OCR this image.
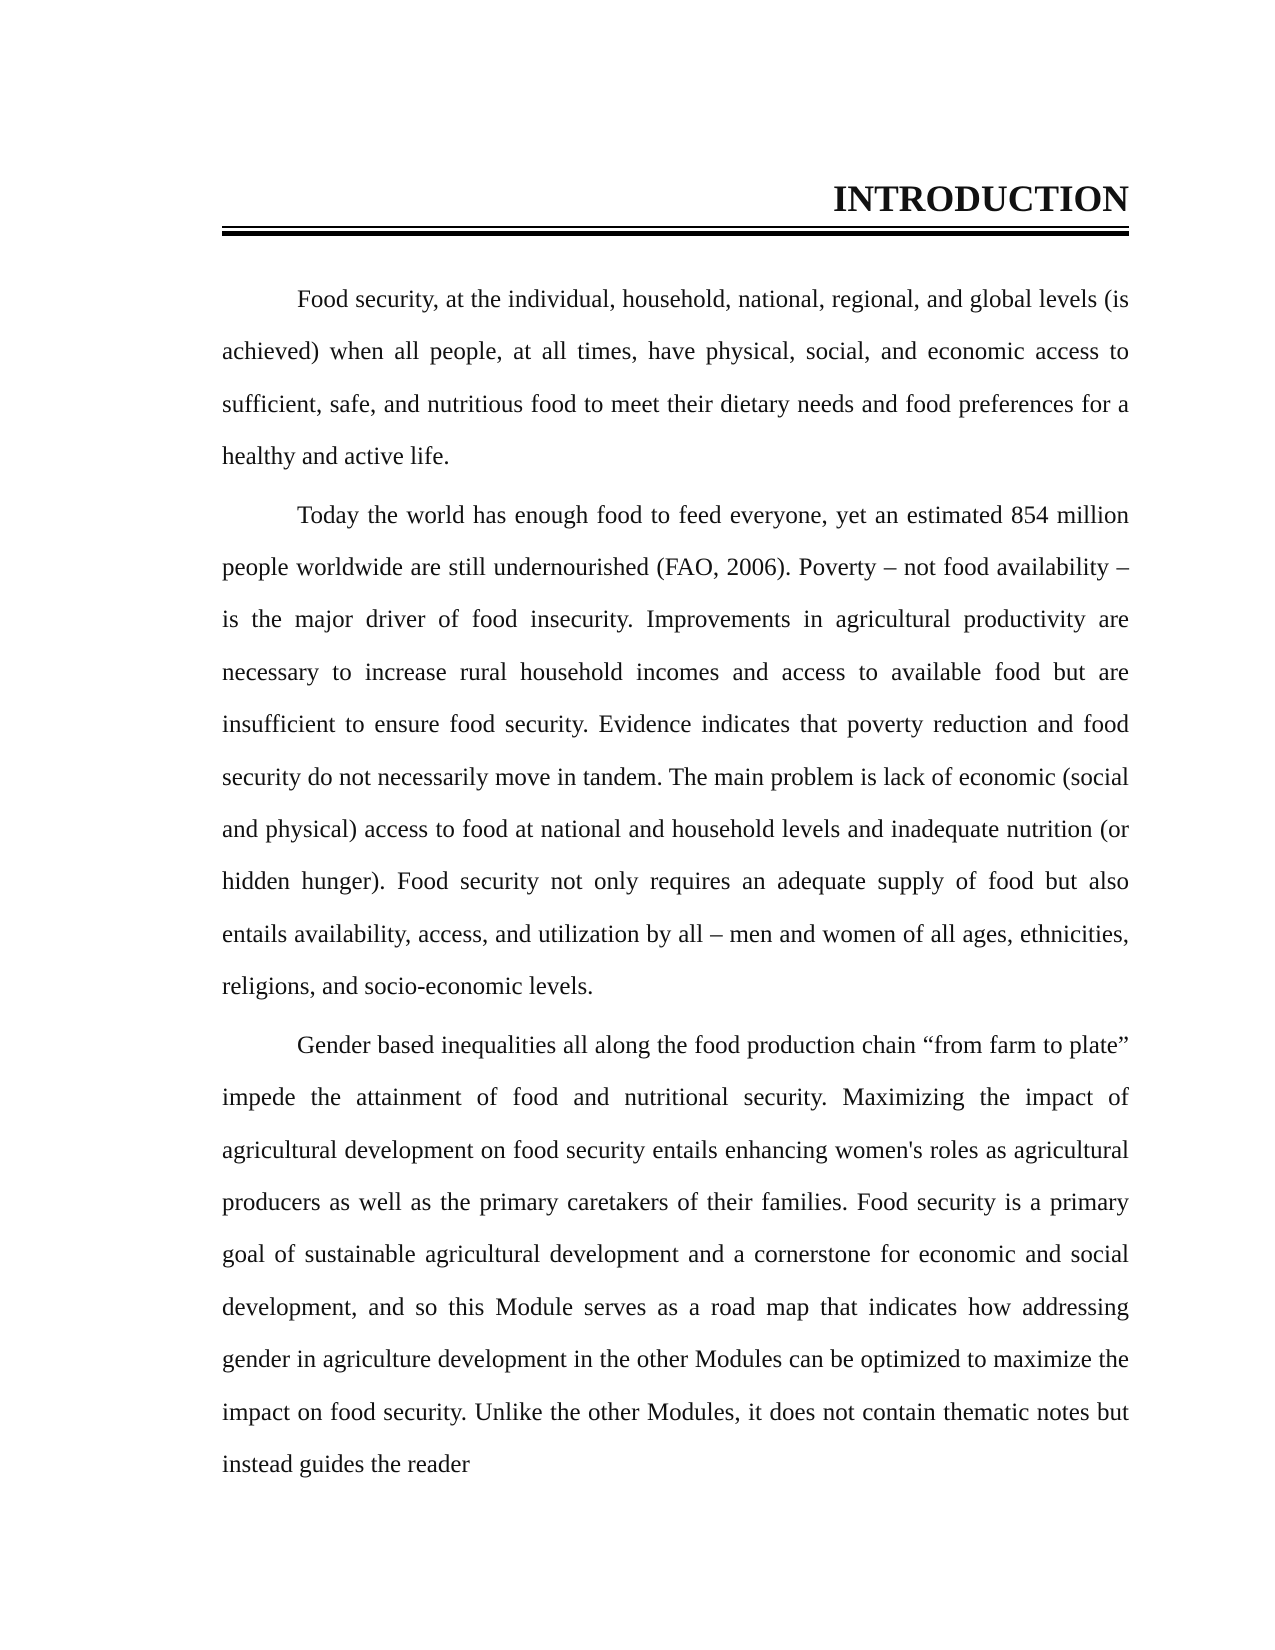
INTRODUCTION

Food security, at the individual, household, national, regional, and global levels (is achieved) when all people, at all times, have physical, social, and economic access to sufficient, safe, and nutritious food to meet their dietary needs and food preferences for a healthy and active life.

Today the world has enough food to feed everyone, yet an estimated 854 million people worldwide are still undernourished (FAO, 2006). Poverty – not food availability – is the major driver of food insecurity. Improvements in agricultural productivity are necessary to increase rural household incomes and access to available food but are insufficient to ensure food security. Evidence indicates that poverty reduction and food security do not necessarily move in tandem. The main problem is lack of economic (social and physical) access to food at national and household levels and inadequate nutrition (or hidden hunger). Food security not only requires an adequate supply of food but also entails availability, access, and utilization by all – men and women of all ages, ethnicities, religions, and socio-economic levels.

Gender based inequalities all along the food production chain “from farm to plate” impede the attainment of food and nutritional security. Maximizing the impact of agricultural development on food security entails enhancing women's roles as agricultural producers as well as the primary caretakers of their families. Food security is a primary goal of sustainable agricultural development and a cornerstone for economic and social development, and so this Module serves as a road map that indicates how addressing gender in agriculture development in the other Modules can be optimized to maximize the impact on food security. Unlike the other Modules, it does not contain thematic notes but instead guides the reader
